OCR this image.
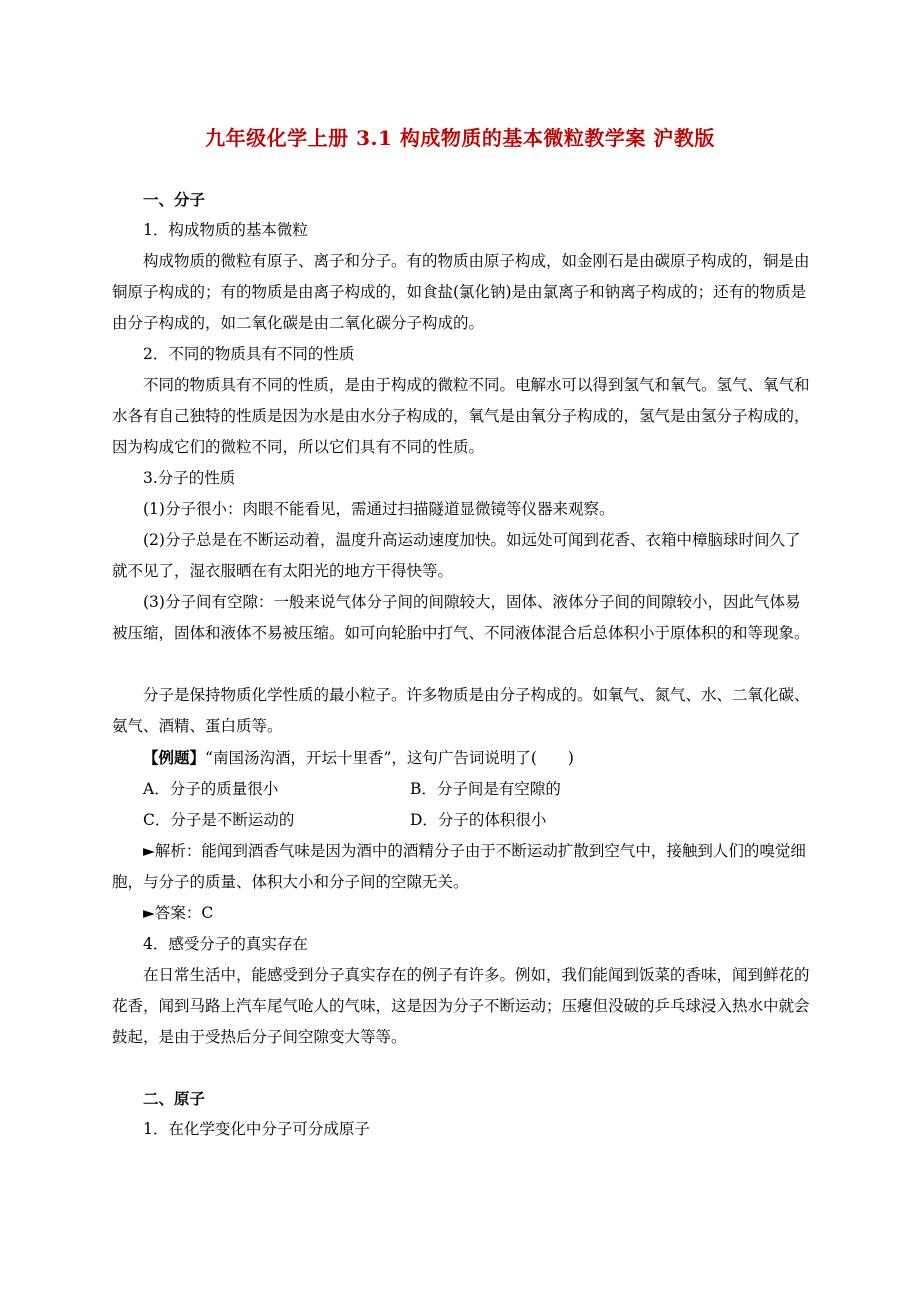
九年级化学上册 3.1 构成物质的基本微粒教学案 沪教版

一、分子

1．构成物质的基本微粒

构成物质的微粒有原子、离子和分子。有的物质由原子构成，如金刚石是由碳原子构成的，铜是由铜原子构成的；有的物质是由离子构成的，如食盐(氯化钠)是由氯离子和钠离子构成的；还有的物质是由分子构成的，如二氧化碳是由二氧化碳分子构成的。

2．不同的物质具有不同的性质

不同的物质具有不同的性质，是由于构成的微粒不同。电解水可以得到氢气和氧气。氢气、氧气和水各有自己独特的性质是因为水是由水分子构成的，氧气是由氧分子构成的，氢气是由氢分子构成的，因为构成它们的微粒不同，所以它们具有不同的性质。

3.分子的性质

(1)分子很小：肉眼不能看见，需通过扫描隧道显微镜等仪器来观察。

(2)分子总是在不断运动着，温度升高运动速度加快。如远处可闻到花香、衣箱中樟脑球时间久了就不见了，湿衣服晒在有太阳光的地方干得快等。

(3)分子间有空隙：一般来说气体分子间的间隙较大，固体、液体分子间的间隙较小，因此气体易被压缩，固体和液体不易被压缩。如可向轮胎中打气、不同液体混合后总体积小于原体积的和等现象。

分子是保持物质化学性质的最小粒子。许多物质是由分子构成的。如氧气、氮气、水、二氧化碳、氨气、酒精、蛋白质等。

【例题】“南国汤沟酒，开坛十里香”，这句广告词说明了(　　)

A．分子的质量很小	B．分子间是有空隙的
C．分子是不断运动的	D．分子的体积很小

►解析：能闻到酒香气味是因为酒中的酒精分子由于不断运动扩散到空气中，接触到人们的嗅觉细胞，与分子的质量、体积大小和分子间的空隙无关。

►答案：C

4．感受分子的真实存在

在日常生活中，能感受到分子真实存在的例子有许多。例如，我们能闻到饭菜的香味，闻到鲜花的花香，闻到马路上汽车尾气呛人的气味，这是因为分子不断运动；压瘪但没破的乒乓球浸入热水中就会鼓起，是由于受热后分子间空隙变大等等。

二、原子

1．在化学变化中分子可分成原子
